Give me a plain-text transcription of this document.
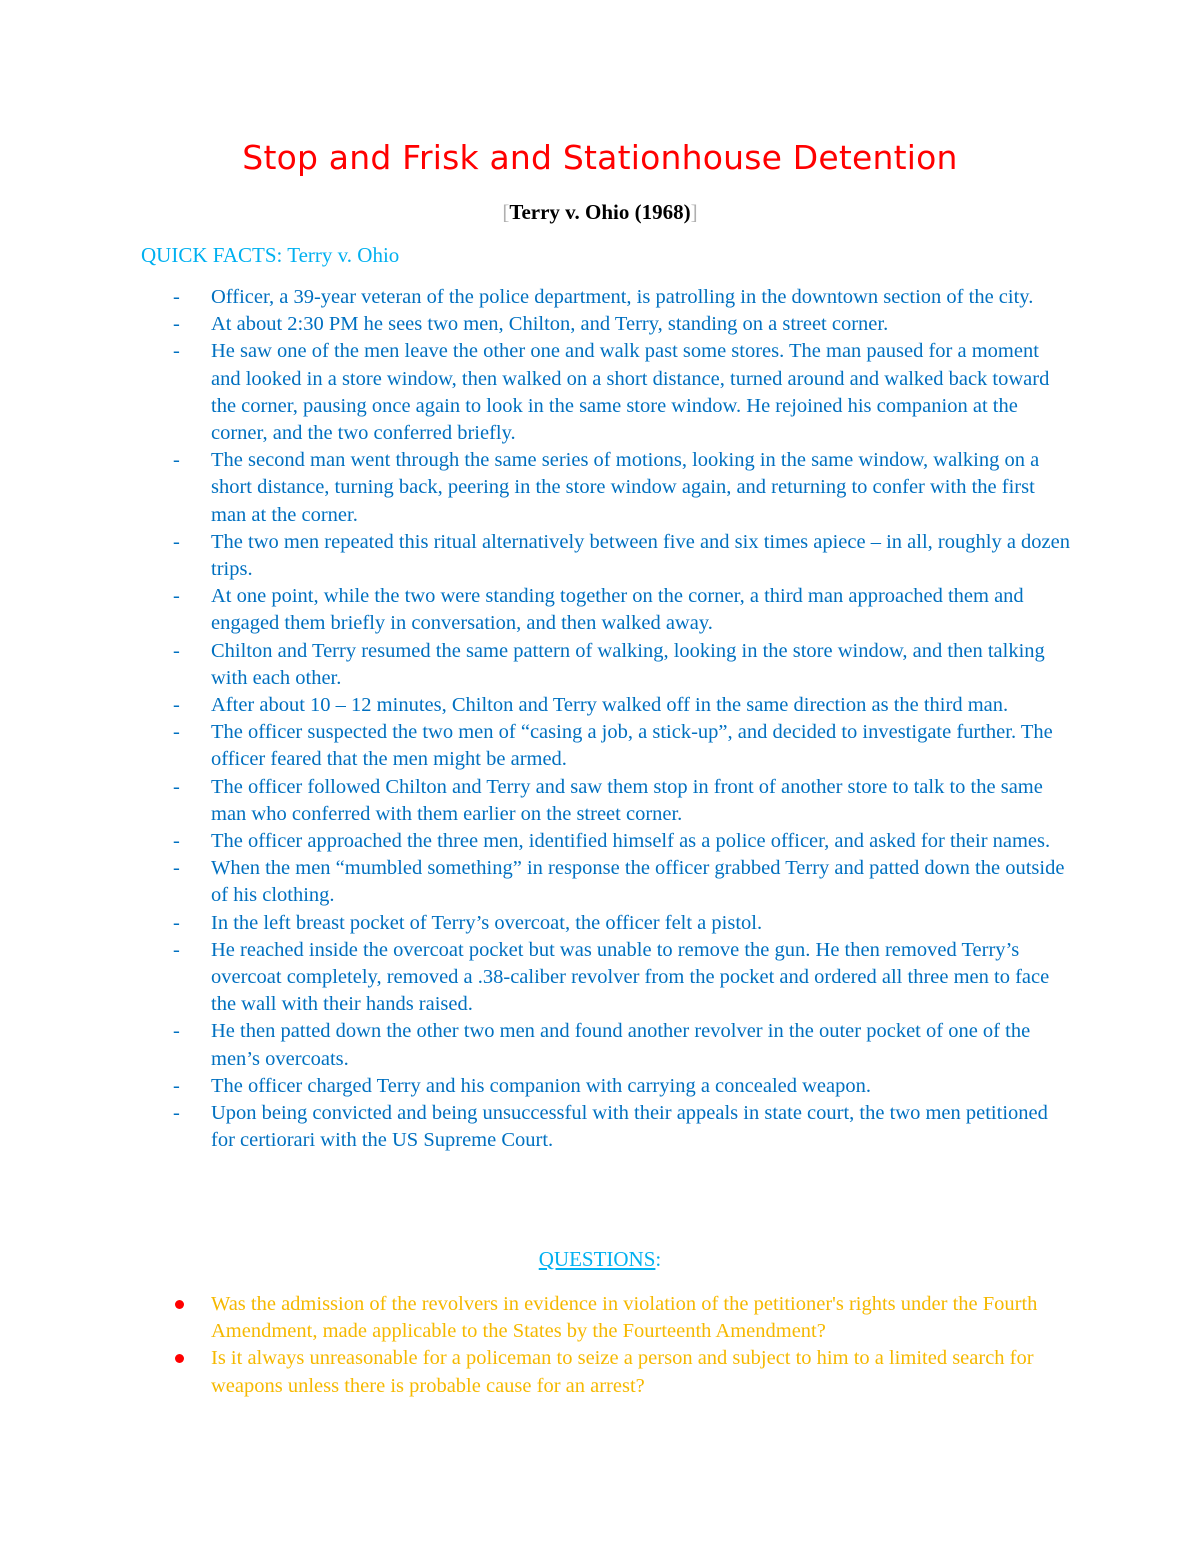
Stop and Frisk and Stationhouse Detention
[Terry v. Ohio (1968)]

QUICK FACTS: Terry v. Ohio

- Officer, a 39-year veteran of the police department, is patrolling in the downtown section of the city.
- At about 2:30 PM he sees two men, Chilton, and Terry, standing on a street corner.
- He saw one of the men leave the other one and walk past some stores. The man paused for a moment and looked in a store window, then walked on a short distance, turned around and walked back toward the corner, pausing once again to look in the same store window. He rejoined his companion at the corner, and the two conferred briefly.
- The second man went through the same series of motions, looking in the same window, walking on a short distance, turning back, peering in the store window again, and returning to confer with the first man at the corner.
- The two men repeated this ritual alternatively between five and six times apiece – in all, roughly a dozen trips.
- At one point, while the two were standing together on the corner, a third man approached them and engaged them briefly in conversation, and then walked away.
- Chilton and Terry resumed the same pattern of walking, looking in the store window, and then talking with each other.
- After about 10 – 12 minutes, Chilton and Terry walked off in the same direction as the third man.
- The officer suspected the two men of “casing a job, a stick-up”, and decided to investigate further. The officer feared that the men might be armed.
- The officer followed Chilton and Terry and saw them stop in front of another store to talk to the same man who conferred with them earlier on the street corner.
- The officer approached the three men, identified himself as a police officer, and asked for their names.
- When the men “mumbled something” in response the officer grabbed Terry and patted down the outside of his clothing.
- In the left breast pocket of Terry’s overcoat, the officer felt a pistol.
- He reached inside the overcoat pocket but was unable to remove the gun. He then removed Terry’s overcoat completely, removed a .38-caliber revolver from the pocket and ordered all three men to face the wall with their hands raised.
- He then patted down the other two men and found another revolver in the outer pocket of one of the men’s overcoats.
- The officer charged Terry and his companion with carrying a concealed weapon.
- Upon being convicted and being unsuccessful with their appeals in state court, the two men petitioned for certiorari with the US Supreme Court.
QUESTIONS:
Was the admission of the revolvers in evidence in violation of the petitioner's rights under the Fourth Amendment, made applicable to the States by the Fourteenth Amendment?
Is it always unreasonable for a policeman to seize a person and subject to him to a limited search for weapons unless there is probable cause for an arrest?
